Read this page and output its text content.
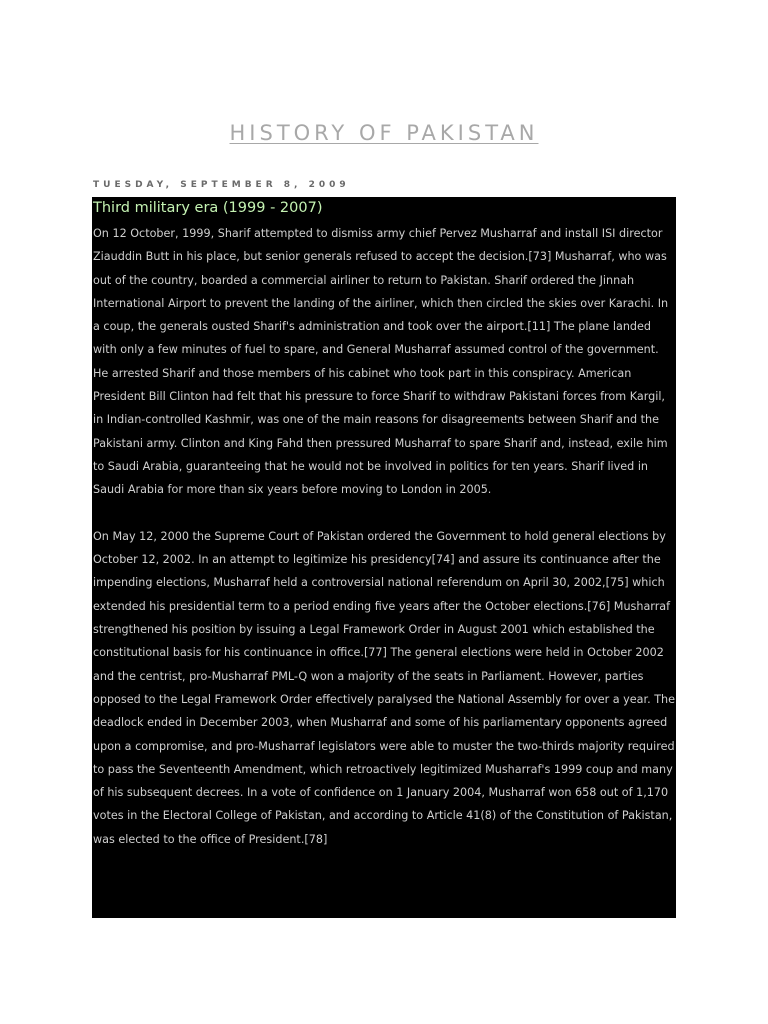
HISTORY OF PAKISTAN
TUESDAY, SEPTEMBER 8, 2009
Third military era (1999 - 2007)

On 12 October, 1999, Sharif attempted to dismiss army chief Pervez Musharraf and install ISI director Ziauddin Butt in his place, but senior generals refused to accept the decision.[73] Musharraf, who was out of the country, boarded a commercial airliner to return to Pakistan. Sharif ordered the Jinnah International Airport to prevent the landing of the airliner, which then circled the skies over Karachi. In a coup, the generals ousted Sharif's administration and took over the airport.[11] The plane landed with only a few minutes of fuel to spare, and General Musharraf assumed control of the government. He arrested Sharif and those members of his cabinet who took part in this conspiracy. American President Bill Clinton had felt that his pressure to force Sharif to withdraw Pakistani forces from Kargil, in Indian-controlled Kashmir, was one of the main reasons for disagreements between Sharif and the Pakistani army. Clinton and King Fahd then pressured Musharraf to spare Sharif and, instead, exile him to Saudi Arabia, guaranteeing that he would not be involved in politics for ten years. Sharif lived in Saudi Arabia for more than six years before moving to London in 2005.

On May 12, 2000 the Supreme Court of Pakistan ordered the Government to hold general elections by October 12, 2002. In an attempt to legitimize his presidency[74] and assure its continuance after the impending elections, Musharraf held a controversial national referendum on April 30, 2002,[75] which extended his presidential term to a period ending five years after the October elections.[76] Musharraf strengthened his position by issuing a Legal Framework Order in August 2001 which established the constitutional basis for his continuance in office.[77] The general elections were held in October 2002 and the centrist, pro-Musharraf PML-Q won a majority of the seats in Parliament. However, parties opposed to the Legal Framework Order effectively paralysed the National Assembly for over a year. The deadlock ended in December 2003, when Musharraf and some of his parliamentary opponents agreed upon a compromise, and pro-Musharraf legislators were able to muster the two-thirds majority required to pass the Seventeenth Amendment, which retroactively legitimized Musharraf's 1999 coup and many of his subsequent decrees. In a vote of confidence on 1 January 2004, Musharraf won 658 out of 1,170 votes in the Electoral College of Pakistan, and according to Article 41(8) of the Constitution of Pakistan, was elected to the office of President.[78]
